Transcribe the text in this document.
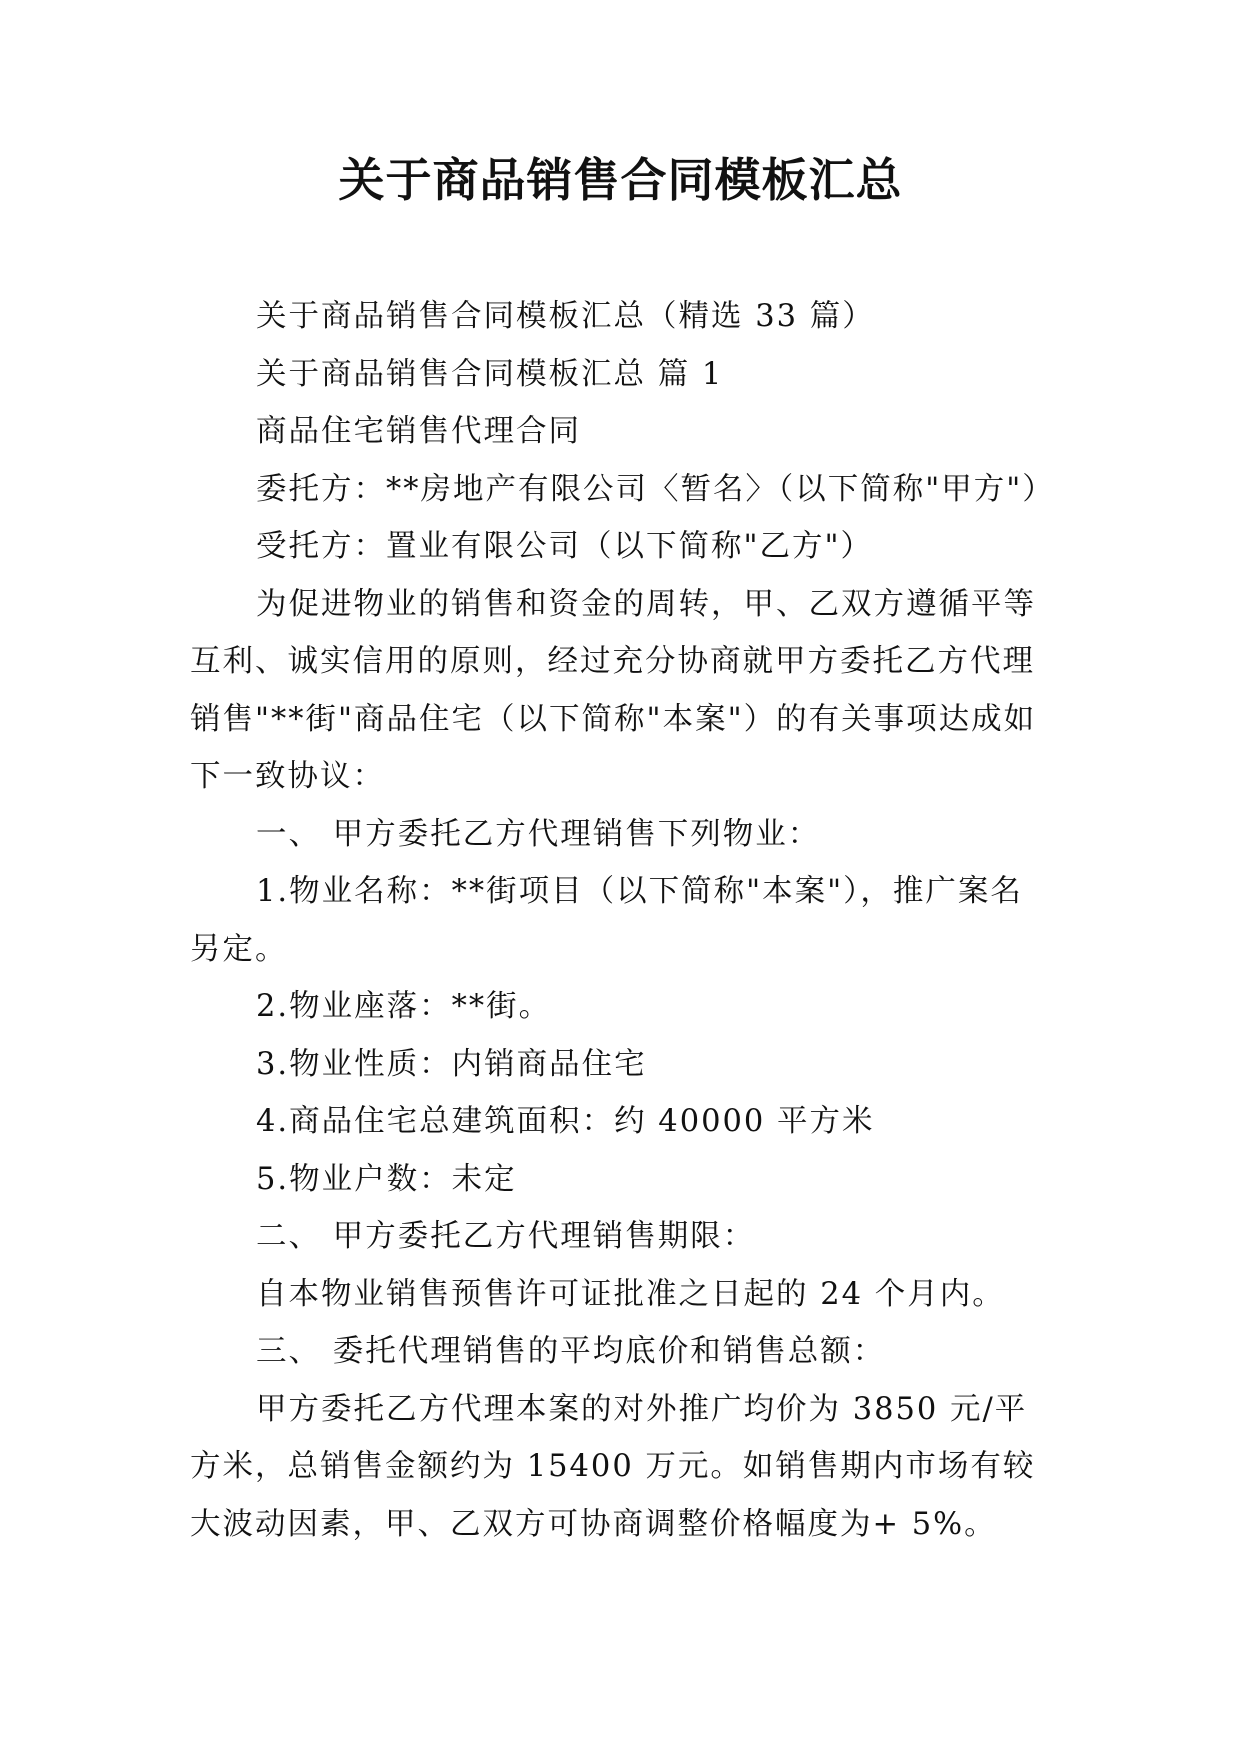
关于商品销售合同模板汇总

关于商品销售合同模板汇总（精选 33 篇）

关于商品销售合同模板汇总 篇 1

商品住宅销售代理合同

委托方：**房地产有限公司〈暂名〉（以下简称"甲方"）

受托方：置业有限公司（以下简称"乙方"）

为促进物业的销售和资金的周转，甲、乙双方遵循平等互利、诚实信用的原则，经过充分协商就甲方委托乙方代理销售"**街"商品住宅（以下简称"本案"）的有关事项达成如下一致协议：

一、 甲方委托乙方代理销售下列物业：

1.物业名称：**街项目（以下简称"本案"），推广案名另定。

2.物业座落：**街。

3.物业性质：内销商品住宅

4.商品住宅总建筑面积：约 40000 平方米

5.物业户数：未定

二、 甲方委托乙方代理销售期限：

自本物业销售预售许可证批准之日起的 24 个月内。

三、 委托代理销售的平均底价和销售总额：

甲方委托乙方代理本案的对外推广均价为 3850 元/平方米，总销售金额约为 15400 万元。如销售期内市场有较大波动因素，甲、乙双方可协商调整价格幅度为+ 5%。
